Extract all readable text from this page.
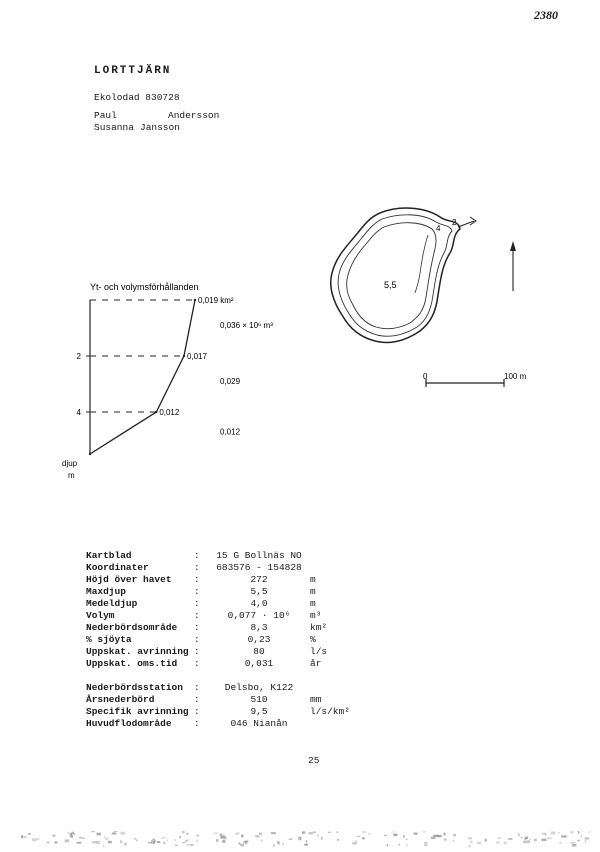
2380
LORTTJÄRN
Ekolodad 830728
Paul	Andersson
Susanna Jansson
Yt- och volymsförhållanden
2
4
0,019 km²
0,017
0,012
0,036 × 10⁶ m³
0,029
0,012
djup
m
5,5
4
2
0	100 m
Kartblad	:	15 G Bollnäs NO	
Koordinater	:	683576 - 154828	
Höjd över havet	:	272	m
Maxdjup	:	5,5	m
Medeldjup	:	4,0	m
Volym	:	0,077 · 10⁶	m³
Nederbördsområde	:	8,3	km²
% sjöyta	:	0,23	%
Uppskat. avrinning	:	80	l/s
Uppskat. oms.tid	:	0,031	år

Nederbördsstation	:	Delsbo, K122	
Årsnederbörd	:	510	mm
Specifik avrinning	:	9,5	l/s/km²
Huvudflodområde	:	046 Nianån	
25
